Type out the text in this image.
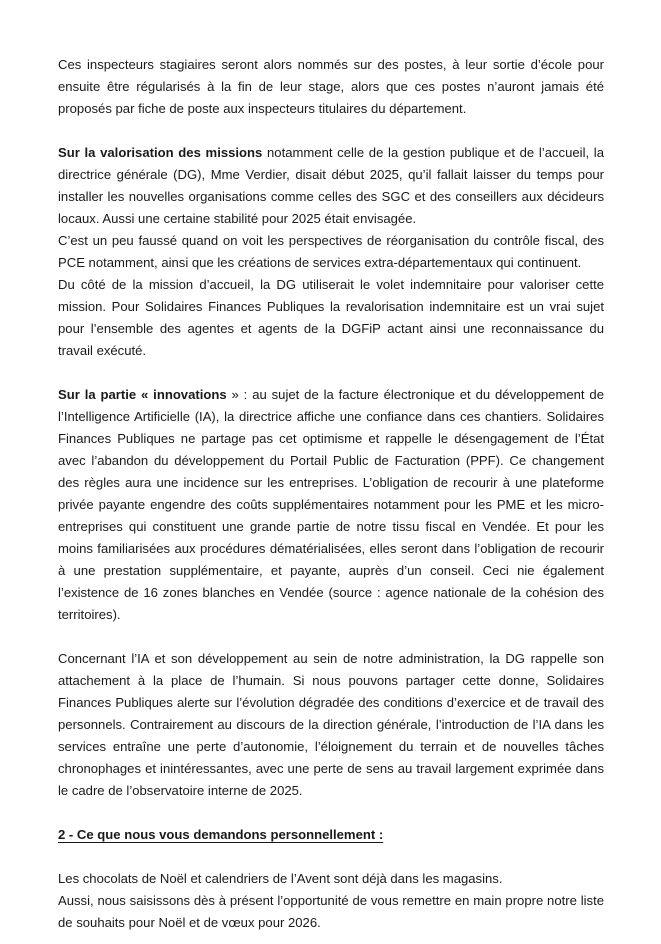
Ces inspecteurs stagiaires seront alors nommés sur des postes, à leur sortie d’école pour ensuite être régularisés à la fin de leur stage, alors que ces postes n’auront jamais été proposés par fiche de poste aux inspecteurs titulaires du département.

Sur la valorisation des missions notamment celle de la gestion publique et de l’accueil, la directrice générale (DG), Mme Verdier, disait début 2025, qu’il fallait laisser du temps pour installer les nouvelles organisations comme celles des SGC et des conseillers aux décideurs locaux. Aussi une certaine stabilité pour 2025 était envisagée.

C’est un peu faussé quand on voit les perspectives de réorganisation du contrôle fiscal, des PCE notamment, ainsi que les créations de services extra-départementaux qui continuent.

Du côté de la mission d’accueil, la DG utiliserait le volet indemnitaire pour valoriser cette mission. Pour Solidaires Finances Publiques la revalorisation indemnitaire est un vrai sujet pour l’ensemble des agentes et agents de la DGFiP actant ainsi une reconnaissance du travail exécuté.

Sur la partie « innovations » : au sujet de la facture électronique et du développement de l’Intelligence Artificielle (IA), la directrice affiche une confiance dans ces chantiers. Solidaires Finances Publiques ne partage pas cet optimisme et rappelle le désengagement de l’État avec l’abandon du développement du Portail Public de Facturation (PPF). Ce changement des règles aura une incidence sur les entreprises. L’obligation de recourir à une plateforme privée payante engendre des coûts supplémentaires notamment pour les PME et les micro-entreprises qui constituent une grande partie de notre tissu fiscal en Vendée. Et pour les moins familiarisées aux procédures dématérialisées, elles seront dans l’obligation de recourir à une prestation supplémentaire, et payante, auprès d’un conseil. Ceci nie également l’existence de 16 zones blanches en Vendée (source : agence nationale de la cohésion des territoires).

Concernant l’IA et son développement au sein de notre administration, la DG rappelle son attachement à la place de l’humain. Si nous pouvons partager cette donne, Solidaires Finances Publiques alerte sur l’évolution dégradée des conditions d’exercice et de travail des personnels. Contrairement au discours de la direction générale, l’introduction de l’IA dans les services entraîne une perte d’autonomie, l’éloignement du terrain et de nouvelles tâches chronophages et inintéressantes, avec une perte de sens au travail largement exprimée dans le cadre de l’observatoire interne de 2025.

2 - Ce que nous vous demandons personnellement :

Les chocolats de Noël et calendriers de l’Avent sont déjà dans les magasins.

Aussi, nous saisissons dès à présent l’opportunité de vous remettre en main propre notre liste de souhaits pour Noël et de vœux pour 2026.
